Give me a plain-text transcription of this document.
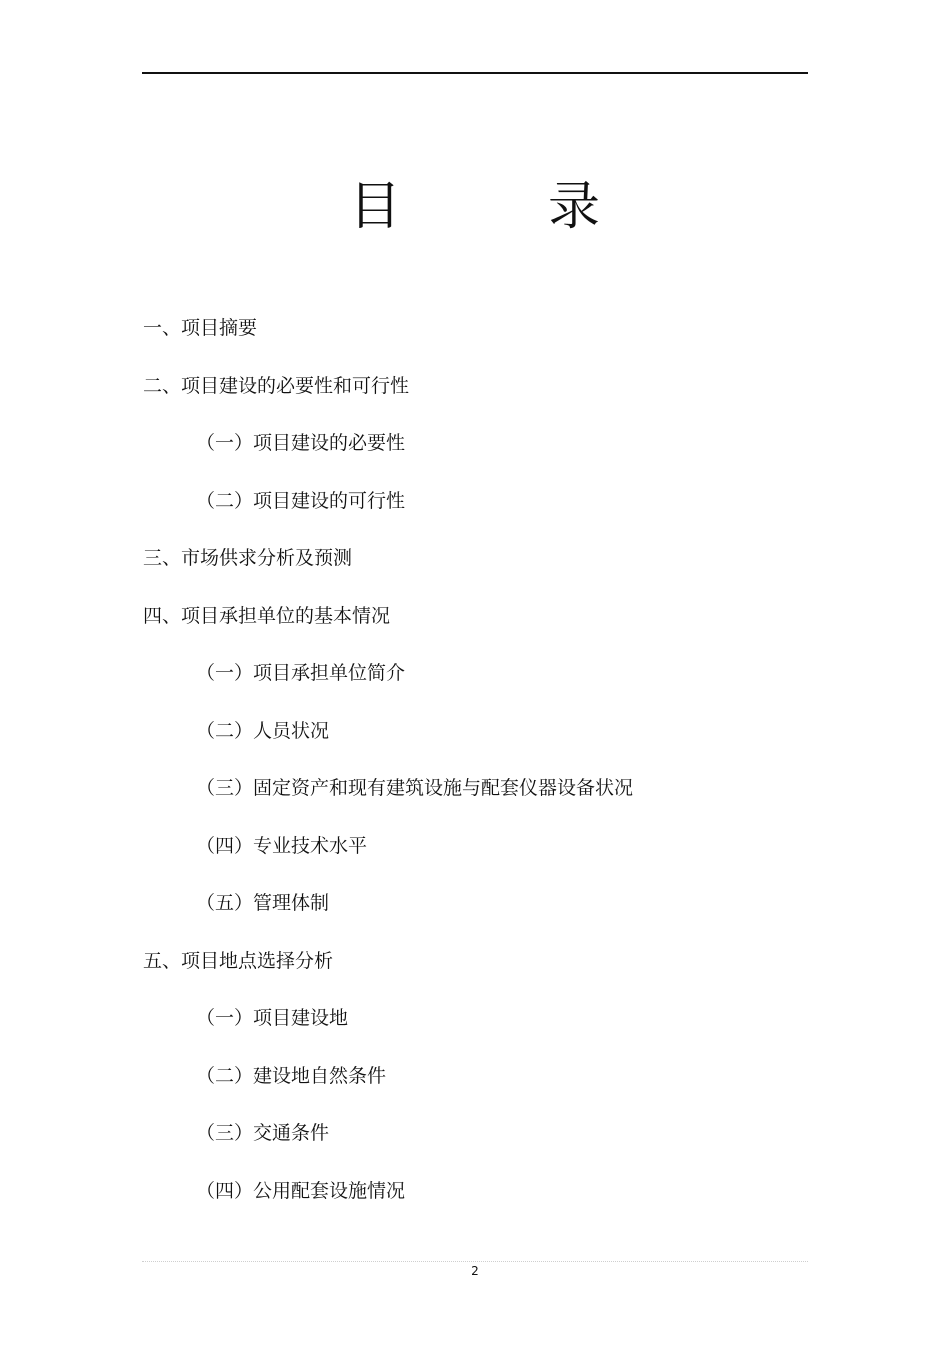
目	录
一、项目摘要
二、项目建设的必要性和可行性
（一）项目建设的必要性
（二）项目建设的可行性
三、市场供求分析及预测
四、项目承担单位的基本情况
（一）项目承担单位简介
（二）人员状况
（三）固定资产和现有建筑设施与配套仪器设备状况
（四）专业技术水平
（五）管理体制
五、项目地点选择分析
（一）项目建设地
（二）建设地自然条件
（三）交通条件
（四）公用配套设施情况
2
